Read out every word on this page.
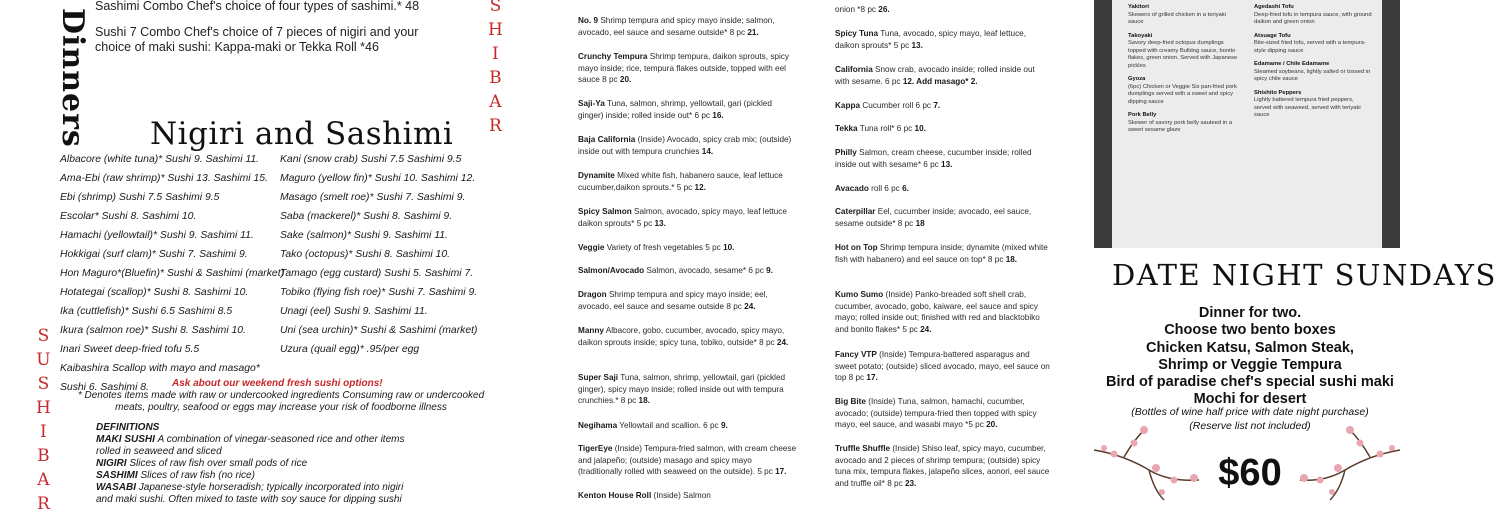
Dinners
Sashimi Combo Chef's choice of four types of sashimi.* 48
Sushi 7 Combo Chef's choice of 7 pieces of nigiri and your choice of maki sushi: Kappa-maki or Tekka Roll *46
Nigiri and Sashimi
Albacore (white tuna)* Sushi 9. Sashimi 11.
Ama-Ebi (raw shrimp)* Sushi 13. Sashimi 15.
Ebi (shrimp) Sushi 7.5 Sashimi 9.5
Escolar* Sushi 8. Sashimi 10.
Hamachi (yellowtail)* Sushi 9. Sashimi 11.
Hokkigai (surf clam)* Sushi 7. Sashimi 9.
Hon Maguro*(Bluefin)* Sushi & Sashimi (market)
Hotategai (scallop)* Sushi 8. Sashimi 10.
Ika (cuttlefish)* Sushi 6.5 Sashimi 8.5
Ikura (salmon roe)* Sushi 8. Sashimi 10.
Inari Sweet deep-fried tofu 5.5
Kaibashira Scallop with mayo and masago*
Sushi 6. Sashimi 8.
Kani (snow crab) Sushi 7.5 Sashimi 9.5
Maguro (yellow fin)* Sushi 10. Sashimi 12.
Masago (smelt roe)* Sushi 7. Sashimi 9.
Saba (mackerel)* Sushi 8. Sashimi 9.
Sake (salmon)* Sushi 9. Sashimi 11.
Tako (octopus)* Sushi 8. Sashimi 10.
Tamago (egg custard) Sushi 5. Sashimi 7.
Tobiko (flying fish roe)* Sushi 7. Sashimi 9.
Unagi (eel) Sushi 9. Sashimi 11.
Uni (sea urchin)* Sushi & Sashimi (market)
Uzura (quail egg)* .95/per egg
Ask about our weekend fresh sushi options!
* Denotes items made with raw or undercooked ingredients Consuming raw or undercooked meats, poultry, seafood or eggs may increase your risk of foodborne illness
DEFINITIONS
MAKI SUSHI A combination of vinegar-seasoned rice and other items rolled in seaweed and sliced
NIGIRI Slices of raw fish over small pods of rice
SASHIMI Slices of raw fish (no rice)
WASABI Japanese-style horseradish; typically incorporated into nigiri and maki sushi. Often mixed to taste with soy sauce for dipping sushi
S
H
I
B
A
R
S
U
S
H
I
B
A
R
No. 9 Shrimp tempura and spicy mayo inside; salmon, avocado, eel sauce and sesame outside* 8 pc 21.
Crunchy Tempura Shrimp tempura, daikon sprouts, spicy mayo inside; rice, tempura flakes outside, topped with eel sauce 8 pc 20.
Saji-Ya Tuna, salmon, shrimp, yellowtail, gari (pickled ginger) inside; rolled inside out* 6 pc 16.
Baja California (Inside) Avocado, spicy crab mix; (outside) inside out with tempura crunchies 14.
Dynamite Mixed white fish, habanero sauce, leaf lettuce cucumber,daikon sprouts.* 5 pc 12.
Spicy Salmon Salmon, avocado, spicy mayo, leaf lettuce daikon sprouts* 5 pc 13.
Veggie Variety of fresh vegetables 5 pc 10.
Salmon/Avocado Salmon, avocado, sesame* 6 pc 9.
Dragon Shrimp tempura and spicy mayo inside; eel, avocado, eel sauce and sesame outside 8 pc 24.
Manny Albacore, gobo, cucumber, avocado, spicy mayo, daikon sprouts inside; spicy tuna, tobiko, outside* 8 pc 24.
Super Saji Tuna, salmon, shrimp, yellowtail, gari (pickled ginger), spicy mayo inside; rolled inside out with tempura crunchies.* 8 pc 18.
Negihama Yellowtail and scallion. 6 pc 9.
TigerEye (Inside) Tempura-fried salmon, with cream cheese and jalapeño; (outside) masago and spicy mayo (traditionally rolled with seaweed on the outside). 5 pc 17.
Kenton House Roll (Inside) Salmon
onion *8 pc 26.
Spicy Tuna Tuna, avocado, spicy mayo, leaf lettuce, daikon sprouts* 5 pc 13.
California Snow crab, avocado inside; rolled inside out with sesame. 6 pc 12. Add masago* 2.
Kappa Cucumber roll 6 pc 7.
Tekka Tuna roll* 6 pc 10.
Philly Salmon, cream cheese, cucumber inside; rolled inside out with sesame* 6 pc 13.
Avacado roll 6 pc 6.
Caterpillar Eel, cucumber inside; avocado, eel sauce, sesame outside* 8 pc 18
Hot on Top Shrimp tempura inside; dynamite (mixed white fish with habanero) and eel sauce on top* 8 pc 18.
Kumo Sumo (Inside) Panko-breaded soft shell crab, cucumber, avocado, gobo, kaiware, eel sauce and spicy mayo; rolled inside out; finished with red and blacktobiko and bonito flakes* 5 pc 24.
Fancy VTP (Inside) Tempura-battered asparagus and sweet potato; (outside) sliced avocado, mayo, eel sauce on top 8 pc 17.
Big Bite (Inside) Tuna, salmon, hamachi, cucumber, avocado; (outside) tempura-fried then topped with spicy mayo, eel sauce, and wasabi mayo *5 pc 20.
Truffle Shuffle (Inside) Shiso leaf, spicy mayo, cucumber, avocado and 2 pieces of shrimp tempura; (outside) spicy tuna mix, tempura flakes, jalapeño slices, aonori, eel sauce and truffle oil* 8 pc 23.
Yakitori
Skewers of grilled chicken in a teriyaki sauce
Takoyaki
Savory deep-fried octopus dumplings topped with creamy Bulldog sauce, bonito flakes, green onion. Served with Japanese pickles
Gyoza
(6pc) Chicken or Veggie Six pan-fried pork dumplings served with a sweet and spicy dipping sauce
Pork Belly
Skewer of savory pork belly sauteed in a sweet sesame glaze
Agedashi Tofu
Deep-fried tofu in tempura sauce, with ground daikon and green onion
Atsuage Tofu
Bite-sized fried tofu, served with a tempura-style dipping sauce
Edamame / Chile Edamame
Steamed soybeans, lightly salted or tossed in spicy chile sauce
Shishito Peppers
Lightly battered tempura fried peppers, served with seaweed, served with teriyaki sauce
DATE NIGHT SUNDAYS
Dinner for two.
Choose two bento boxes
Chicken Katsu, Salmon Steak,
Shrimp or Veggie Tempura
Bird of paradise chef's special sushi maki
Mochi for desert
(Bottles of wine half price with date night purchase)
(Reserve list not included)
$60
